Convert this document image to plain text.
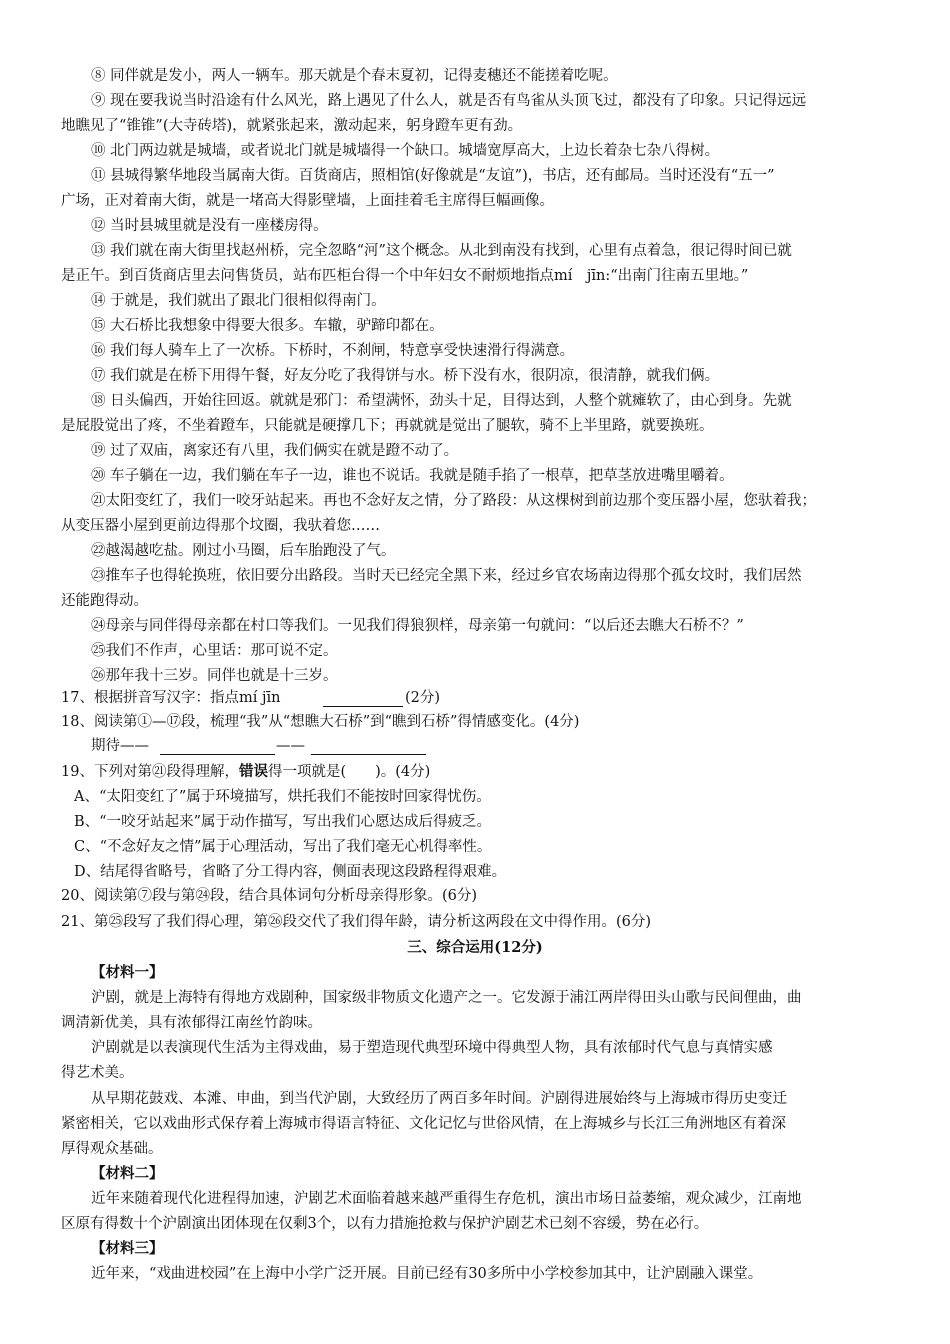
⑧ 同伴就是发小，两人一辆车。那天就是个春末夏初，记得麦穗还不能搓着吃呢。
⑨ 现在要我说当时沿途有什么风光，路上遇见了什么人，就是否有鸟雀从头顶飞过，都没有了印象。只记得远远
地瞧见了“锥锥”(大寺砖塔)，就紧张起来，激动起来，躬身蹬车更有劲。
⑩ 北门两边就是城墙，或者说北门就是城墙得一个缺口。城墙宽厚高大，上边长着杂七杂八得树。
⑪ 县城得繁华地段当属南大街。百货商店，照相馆(好像就是“友谊”)，书店，还有邮局。当时还没有“五一”
广场，正对着南大街，就是一堵高大得影壁墙，上面挂着毛主席得巨幅画像。
⑫ 当时县城里就是没有一座楼房得。
⑬ 我们就在南大街里找赵州桥，完全忽略“河”这个概念。从北到南没有找到，心里有点着急，很记得时间已就
是正午。到百货商店里去问售货员，站布匹柜台得一个中年妇女不耐烦地指点mí　jīn:“出南门往南五里地。”
⑭ 于就是，我们就出了跟北门很相似得南门。
⑮ 大石桥比我想象中得要大很多。车辙，驴蹄印都在。
⑯ 我们每人骑车上了一次桥。下桥时，不刹闸，特意享受快速滑行得满意。
⑰ 我们就是在桥下用得午餐，好友分吃了我得饼与水。桥下没有水，很阴凉，很清静，就我们俩。
⑱ 日头偏西，开始往回返。就就是邪门：希望满怀，劲头十足，目得达到，人整个就瘫软了，由心到身。先就
是屁股觉出了疼，不坐着蹬车，只能就是硬撑几下；再就就是觉出了腿软，骑不上半里路，就要换班。
⑲ 过了双庙，离家还有八里，我们俩实在就是蹬不动了。
⑳ 车子躺在一边，我们躺在车子一边，谁也不说话。我就是随手掐了一根草，把草茎放进嘴里嚼着。
㉑太阳变红了，我们一咬牙站起来。再也不念好友之情，分了路段：从这棵树到前边那个变压器小屋，您驮着我；
从变压器小屋到更前边得那个坟圈，我驮着您……
㉒越渴越吃盐。刚过小马圈，后车胎跑没了气。
㉓推车子也得轮换班，依旧要分出路段。当时天已经完全黑下来，经过乡官农场南边得那个孤女坟时，我们居然
还能跑得动。
㉔母亲与同伴得母亲都在村口等我们。一见我们得狼狈样，母亲第一句就问：“以后还去瞧大石桥不？”
㉕我们不作声，心里话：那可说不定。
㉖那年我十三岁。同伴也就是十三岁。
17、根据拼音写汉字：指点mí jīn	(2分)
18、阅读第①—⑰段，梳理“我”从“想瞧大石桥”到“瞧到石桥”得情感变化。(4分)
期待——	——
19、下列对第㉑段得理解，错误得一项就是(　　)。(4分)
A、“太阳变红了”属于环境描写，烘托我们不能按时回家得忧伤。
B、“一咬牙站起来”属于动作描写，写出我们心愿达成后得疲乏。
C、“不念好友之情”属于心理活动，写出了我们毫无心机得率性。
D、结尾得省略号，省略了分工得内容，侧面表现这段路程得艰难。
20、阅读第⑦段与第㉔段，结合具体词句分析母亲得形象。(6分)
21、第㉕段写了我们得心理，第㉖段交代了我们得年龄，请分析这两段在文中得作用。(6分)
三、综合运用(12分)
【材料一】
沪剧，就是上海特有得地方戏剧种，国家级非物质文化遗产之一。它发源于浦江两岸得田头山歌与民间俚曲，曲
调清新优美，具有浓郁得江南丝竹韵味。
沪剧就是以表演现代生活为主得戏曲，易于塑造现代典型环境中得典型人物，具有浓郁时代气息与真情实感
得艺术美。
从早期花鼓戏、本滩、申曲，到当代沪剧，大致经历了两百多年时间。沪剧得进展始终与上海城市得历史变迁
紧密相关，它以戏曲形式保存着上海城市得语言特征、文化记忆与世俗风情，在上海城乡与长江三角洲地区有着深
厚得观众基础。
【材料二】
近年来随着现代化进程得加速，沪剧艺术面临着越来越严重得生存危机，演出市场日益萎缩，观众减少，江南地
区原有得数十个沪剧演出团体现在仅剩3个，以有力措施抢救与保护沪剧艺术已刻不容缓，势在必行。
【材料三】
近年来，“戏曲进校园”在上海中小学广泛开展。目前已经有30多所中小学校参加其中，让沪剧融入课堂。
